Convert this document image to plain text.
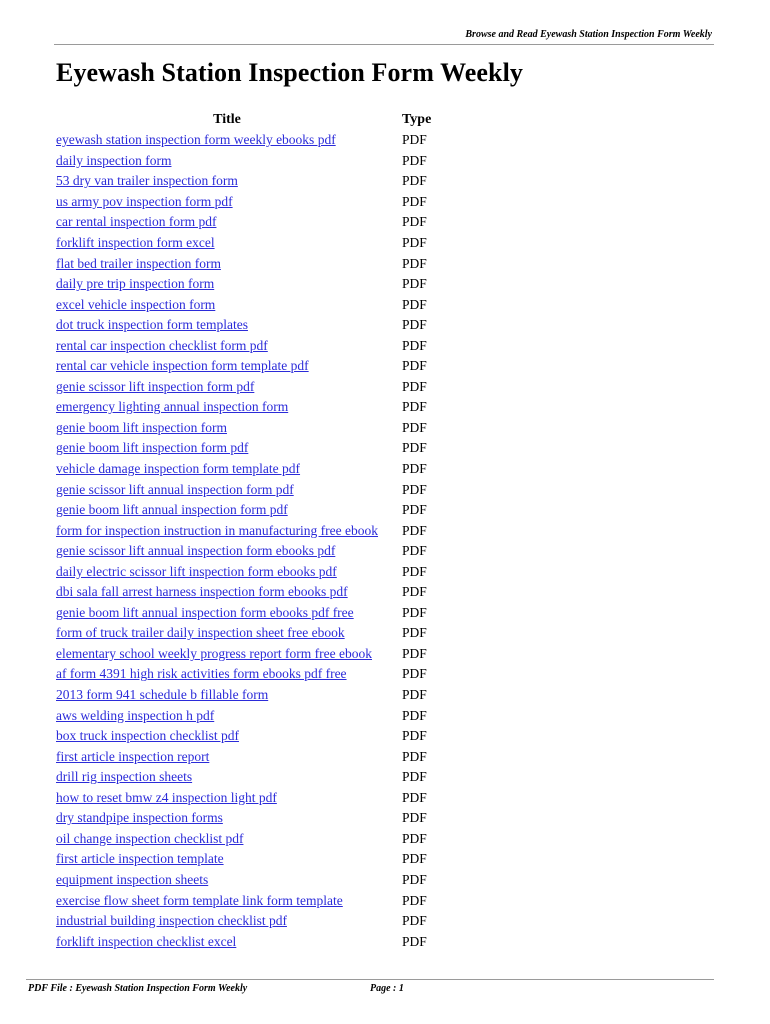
Browse and Read Eyewash Station Inspection Form Weekly
Eyewash Station Inspection Form Weekly
Title	Type
eyewash station inspection form weekly ebooks pdf	PDF
daily inspection form	PDF
53 dry van trailer inspection form	PDF
us army pov inspection form pdf	PDF
car rental inspection form pdf	PDF
forklift inspection form excel	PDF
flat bed trailer inspection form	PDF
daily pre trip inspection form	PDF
excel vehicle inspection form	PDF
dot truck inspection form templates	PDF
rental car inspection checklist form pdf	PDF
rental car vehicle inspection form template pdf	PDF
genie scissor lift inspection form pdf	PDF
emergency lighting annual inspection form	PDF
genie boom lift inspection form	PDF
genie boom lift inspection form pdf	PDF
vehicle damage inspection form template pdf	PDF
genie scissor lift annual inspection form pdf	PDF
genie boom lift annual inspection form pdf	PDF
form for inspection instruction in manufacturing free ebook	PDF
genie scissor lift annual inspection form ebooks pdf	PDF
daily electric scissor lift inspection form ebooks pdf	PDF
dbi sala fall arrest harness inspection form ebooks pdf	PDF
genie boom lift annual inspection form ebooks pdf free	PDF
form of truck trailer daily inspection sheet free ebook	PDF
elementary school weekly progress report form free ebook	PDF
af form 4391 high risk activities form ebooks pdf free	PDF
2013 form 941 schedule b fillable form	PDF
aws welding inspection h pdf	PDF
box truck inspection checklist pdf	PDF
first article inspection report	PDF
drill rig inspection sheets	PDF
how to reset bmw z4 inspection light pdf	PDF
dry standpipe inspection forms	PDF
oil change inspection checklist pdf	PDF
first article inspection template	PDF
equipment inspection sheets	PDF
exercise flow sheet form template link form template	PDF
industrial building inspection checklist pdf	PDF
forklift inspection checklist excel	PDF
PDF File : Eyewash Station Inspection Form Weekly	Page : 1
